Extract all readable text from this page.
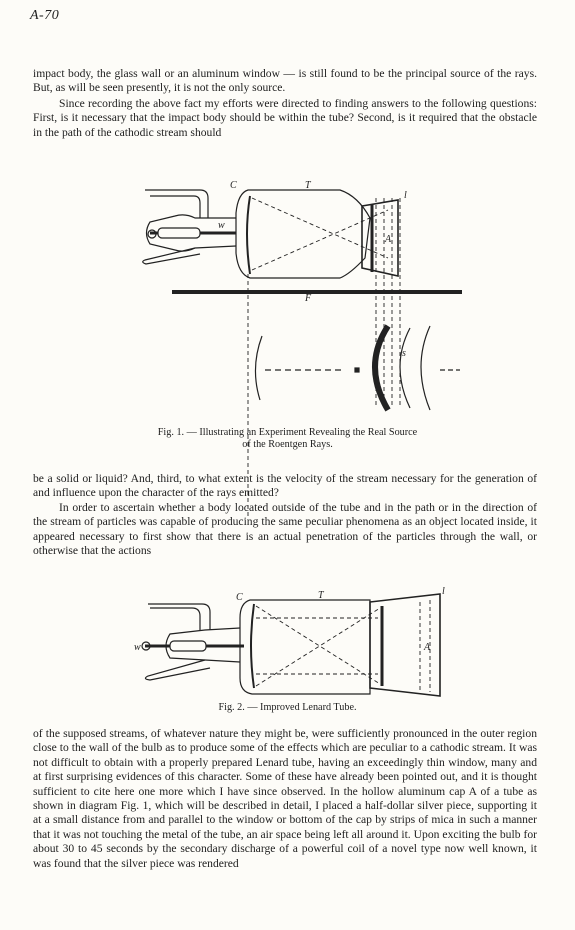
A-70

impact body, the glass wall or an aluminum window — is still found to be the principal source of the rays. But, as will be seen presently, it is not the only source.

Since recording the above fact my efforts were directed to finding answers to the following questions: First, is it necessary that the impact body should be within the tube? Second, is it required that the obstacle in the path of the cathodic stream should

C	T
F
A
s
w
l

Fig. 1. — Illustrating an Experiment Revealing the Real Source
of the Roentgen Rays.

be a solid or liquid? And, third, to what extent is the velocity of the stream necessary for the generation of and influence upon the character of the rays emitted?

In order to ascertain whether a body located outside of the tube and in the path or in the direction of the stream of particles was capable of producing the same peculiar phenomena as an object located inside, it appeared necessary to first show that there is an actual penetration of the particles through the wall, or otherwise that the actions

C	T
A
w
l

Fig. 2. — Improved Lenard Tube.

of the supposed streams, of whatever nature they might be, were sufficiently pronounced in the outer region close to the wall of the bulb as to produce some of the effects which are peculiar to a cathodic stream. It was not difficult to obtain with a properly prepared Lenard tube, having an exceedingly thin window, many and at first surprising evidences of this character. Some of these have already been pointed out, and it is thought sufficient to cite here one more which I have since observed. In the hollow aluminum cap A of a tube as shown in diagram Fig. 1, which will be described in detail, I placed a half-dollar silver piece, supporting it at a small distance from and parallel to the window or bottom of the cap by strips of mica in such a manner that it was not touching the metal of the tube, an air space being left all around it. Upon exciting the bulb for about 30 to 45 seconds by the secondary discharge of a powerful coil of a novel type now well known, it was found that the silver piece was rendered
